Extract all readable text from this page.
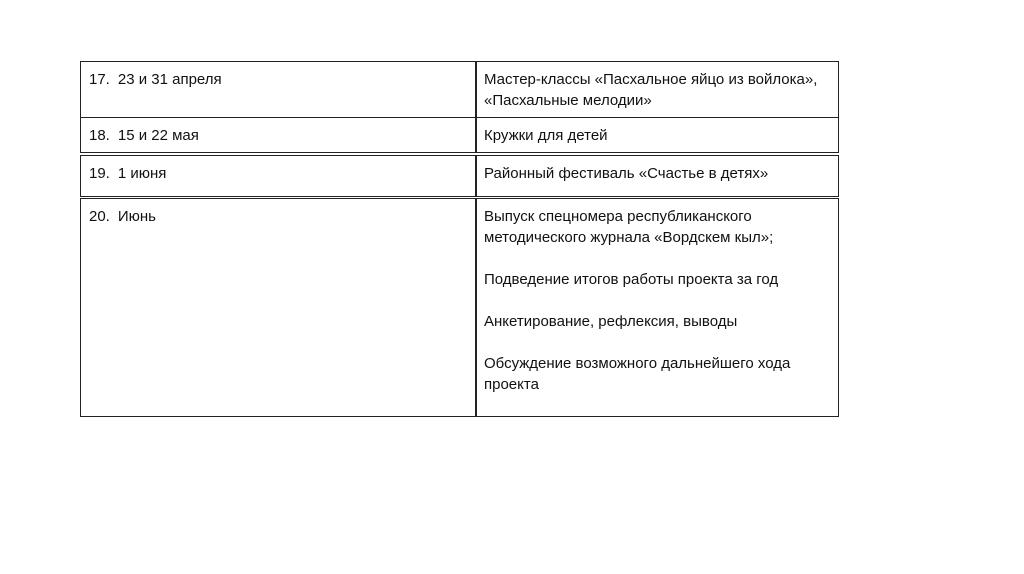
17. 23 и 31 апреля	Мастер-классы «Пасхальное яйцо из войлока», «Пасхальные мелодии»
18. 15 и 22 мая	Кружки для детей
19. 1 июня	Районный фестиваль «Счастье в детях»
20. Июнь	Выпуск спецномера республиканского методического журнала «Вордскем кыл»;
Подведение итогов работы проекта за год
Анкетирование, рефлексия, выводы
Обсуждение возможного дальнейшего хода проекта
